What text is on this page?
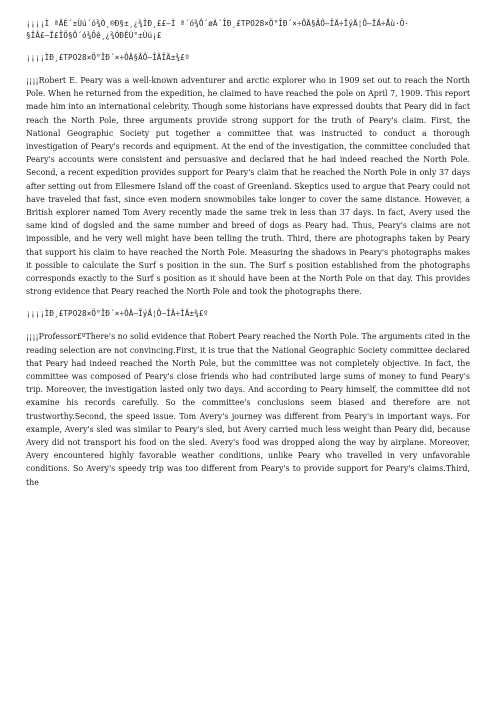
¡¡¡¡Ì ªÄÉ´±Ùú´ó¾Ò¸®Ð§±¸¿¾ÌÐ¸££–Ì ª´ó¾Ô´øÀ´ÎÐ¸£TPO28×Ö°ÎÐ´×÷ÔÄ§ÂÔ–ÎÄ÷ÎýÄ¦Ô–ÎÄ÷Åù·Ö·
§ÎÂ£–Ï£ÎÖ§Ô´ó¾Ôê¸¿¾ÓÐÊÚ°±Ùú¡£
¡¡¡¡ÌÐ¸£TPO28×Ö°ÎÐ´×÷ÔÄ§ÂÔ–ÎÄÎÄ±¾£º
¡¡¡¡Robert E. Peary was a well-known adventurer and arctic explorer who in 1909 set out to reach the North Pole. When he returned from the expedition, he claimed to have reached the pole on April 7, 1909. This report made him into an international celebrity. Though some historians have expressed doubts that Peary did in fact reach the North Pole, three arguments provide strong support for the truth of Peary's claim. First, the National Geographic Society put together a committee that was instructed to conduct a thorough investigation of Peary's records and equipment. At the end of the investigation, the committee concluded that Peary's accounts were consistent and persuasive and declared that he had indeed reached the North Pole. Second, a recent expedition provides support for Peary's claim that he reached the North Pole in only 37 days after setting out from Ellesmere Island off the coast of Greenland. Skeptics used to argue that Peary could not have traveled that fast, since even modern snowmobiles take longer to cover the same distance. However, a British explorer named Tom Avery recently made the same trek in less than 37 days. In fact, Avery used the same kind of dogsled and the same number and breed of dogs as Peary had. Thus, Peary's claims are not impossible, and he very well might have been telling the truth. Third, there are photographs taken by Peary that support his claim to have reached the North Pole. Measuring the shadows in Peary's photographs makes it possible to calculate the Surf s position in the sun. The Surf s position established from the photographs corresponds exactly to the Surf s position as it should have been at the North Pole on that day. This provides strong evidence that Peary reached the North Pole and took the photographs there.
¡¡¡¡ÌÐ¸£TPO28×Ö°ÎÐ´×÷ÔÄ–ÎýÄ¦Ô–ÎÄ÷ÎÄ±¾£º
¡¡¡¡Professor£ºThere's no solid evidence that Robert Peary reached the North Pole. The arguments cited in the reading selection are not convincing.First, it is true that the National Geographic Society committee declared that Peary had indeed reached the North Pole, but the committee was not completely objective. In fact, the committee was composed of Peary's close friends who had contributed large sums of money to fund Peary's trip. Moreover, the investigation lasted only two days. And according to Peary himself, the committee did not examine his records carefully. So the committee's conclusions seem biased and therefore are not trustworthy.Second, the speed issue. Tom Avery's journey was different from Peary's in important ways. For example, Avery's sled was similar to Peary's sled, but Avery carried much less weight than Peary did, because Avery did not transport his food on the sled. Avery's food was dropped along the way by airplane. Moreover, Avery encountered highly favorable weather conditions, unlike Peary who travelled in very unfavorable conditions. So Avery's speedy trip was too different from Peary's to provide support for Peary's claims.Third, the
